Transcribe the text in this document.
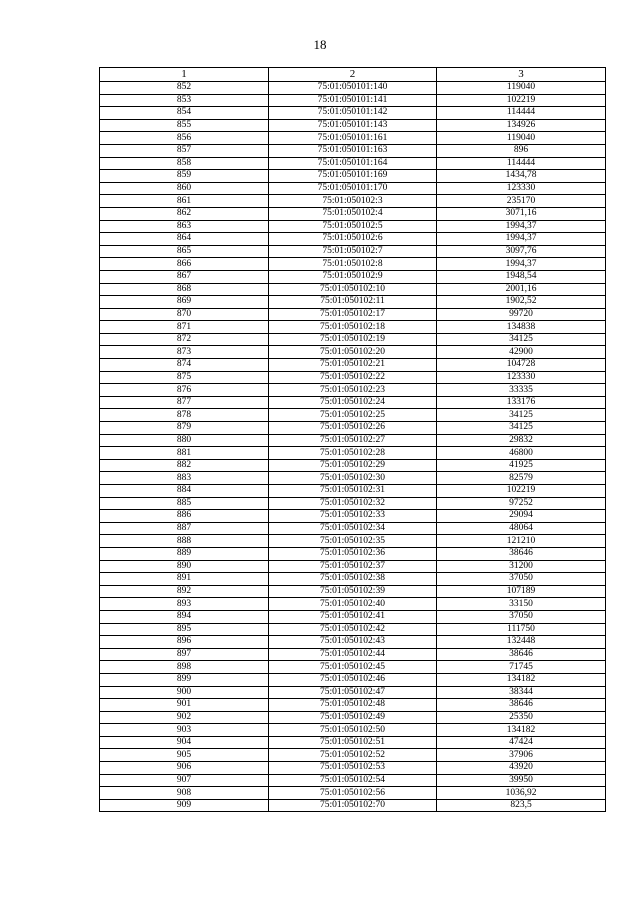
18
1	2	3
852	75:01:050101:140	119040
853	75:01:050101:141	102219
854	75:01:050101:142	114444
855	75:01:050101:143	134926
856	75:01:050101:161	119040
857	75:01:050101:163	896
858	75:01:050101:164	114444
859	75:01:050101:169	1434,78
860	75:01:050101:170	123330
861	75:01:050102:3	235170
862	75:01:050102:4	3071,16
863	75:01:050102:5	1994,37
864	75:01:050102:6	1994,37
865	75:01:050102:7	3097,76
866	75:01:050102:8	1994,37
867	75:01:050102:9	1948,54
868	75:01:050102:10	2001,16
869	75:01:050102:11	1902,52
870	75:01:050102:17	99720
871	75:01:050102:18	134838
872	75:01:050102:19	34125
873	75:01:050102:20	42900
874	75:01:050102:21	104728
875	75:01:050102:22	123330
876	75:01:050102:23	33335
877	75:01:050102:24	133176
878	75:01:050102:25	34125
879	75:01:050102:26	34125
880	75:01:050102:27	29832
881	75:01:050102:28	46800
882	75:01:050102:29	41925
883	75:01:050102:30	82579
884	75:01:050102:31	102219
885	75:01:050102:32	97252
886	75:01:050102:33	29094
887	75:01:050102:34	48064
888	75:01:050102:35	121210
889	75:01:050102:36	38646
890	75:01:050102:37	31200
891	75:01:050102:38	37050
892	75:01:050102:39	107189
893	75:01:050102:40	33150
894	75:01:050102:41	37050
895	75:01:050102:42	111750
896	75:01:050102:43	132448
897	75:01:050102:44	38646
898	75:01:050102:45	71745
899	75:01:050102:46	134182
900	75:01:050102:47	38344
901	75:01:050102:48	38646
902	75:01:050102:49	25350
903	75:01:050102:50	134182
904	75:01:050102:51	47424
905	75:01:050102:52	37906
906	75:01:050102:53	43920
907	75:01:050102:54	39950
908	75:01:050102:56	1036,92
909	75:01:050102:70	823,5
